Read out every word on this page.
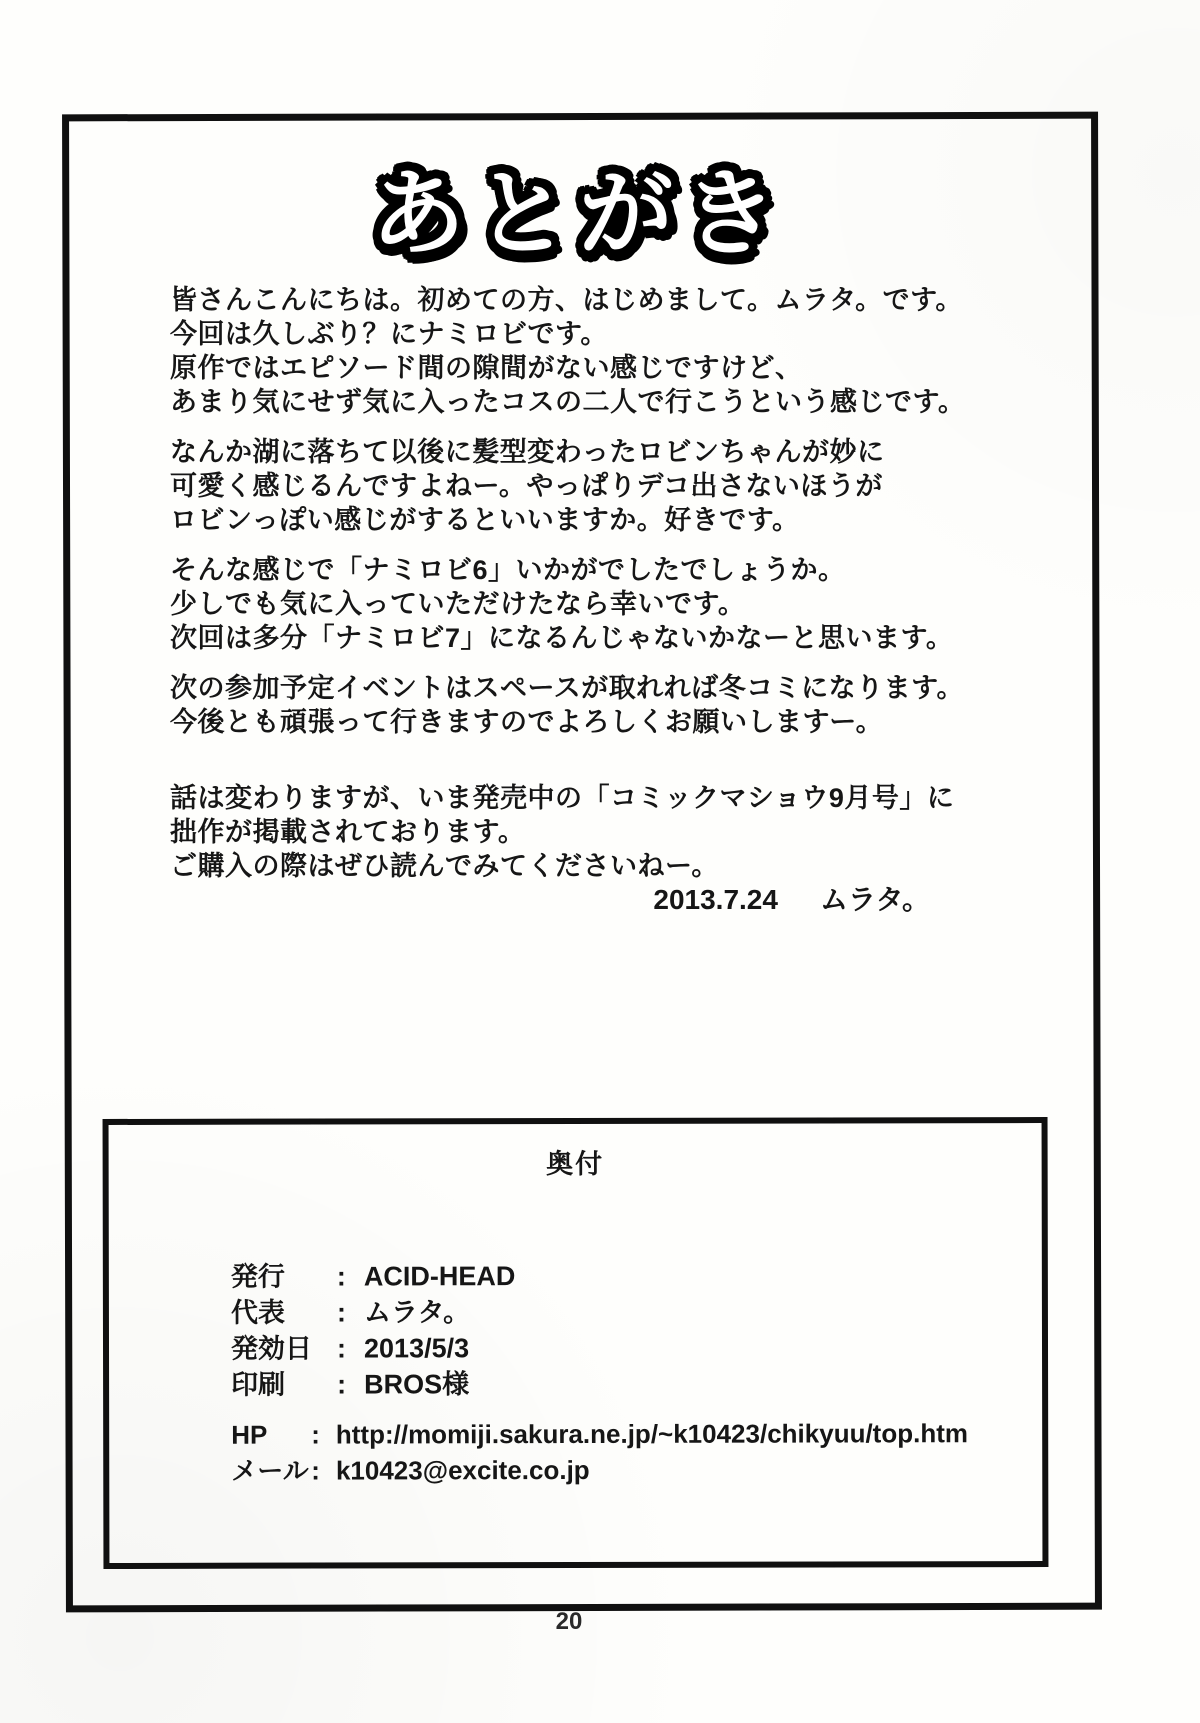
あとがき
皆さんこんにちは。初めての方、はじめまして。ムラタ。です。
今回は久しぶり？にナミロビです。
原作ではエピソード間の隙間がない感じですけど、
あまり気にせず気に入ったコスの二人で行こうという感じです。
なんか湖に落ちて以後に髪型変わったロビンちゃんが妙に
可愛く感じるんですよねー。やっぱりデコ出さないほうが
ロビンっぽい感じがするといいますか。好きです。
そんな感じで「ナミロビ6」いかがでしたでしょうか。
少しでも気に入っていただけたなら幸いです。
次回は多分「ナミロビ7」になるんじゃないかなーと思います。
次の参加予定イベントはスペースが取れれば冬コミになります。
今後とも頑張って行きますのでよろしくお願いしますー。
話は変わりますが、いま発売中の「コミックマショウ9月号」に
拙作が掲載されております。
ご購入の際はぜひ読んでみてくださいねー。
2013.7.24 ムラタ。
奥付
発行 : ACID-HEAD
代表 : ムラタ。
発効日 : 2013/5/3
印刷 : BROS様
HP : http://momiji.sakura.ne.jp/~k10423/chikyuu/top.htm
メール: k10423@excite.co.jp
20
